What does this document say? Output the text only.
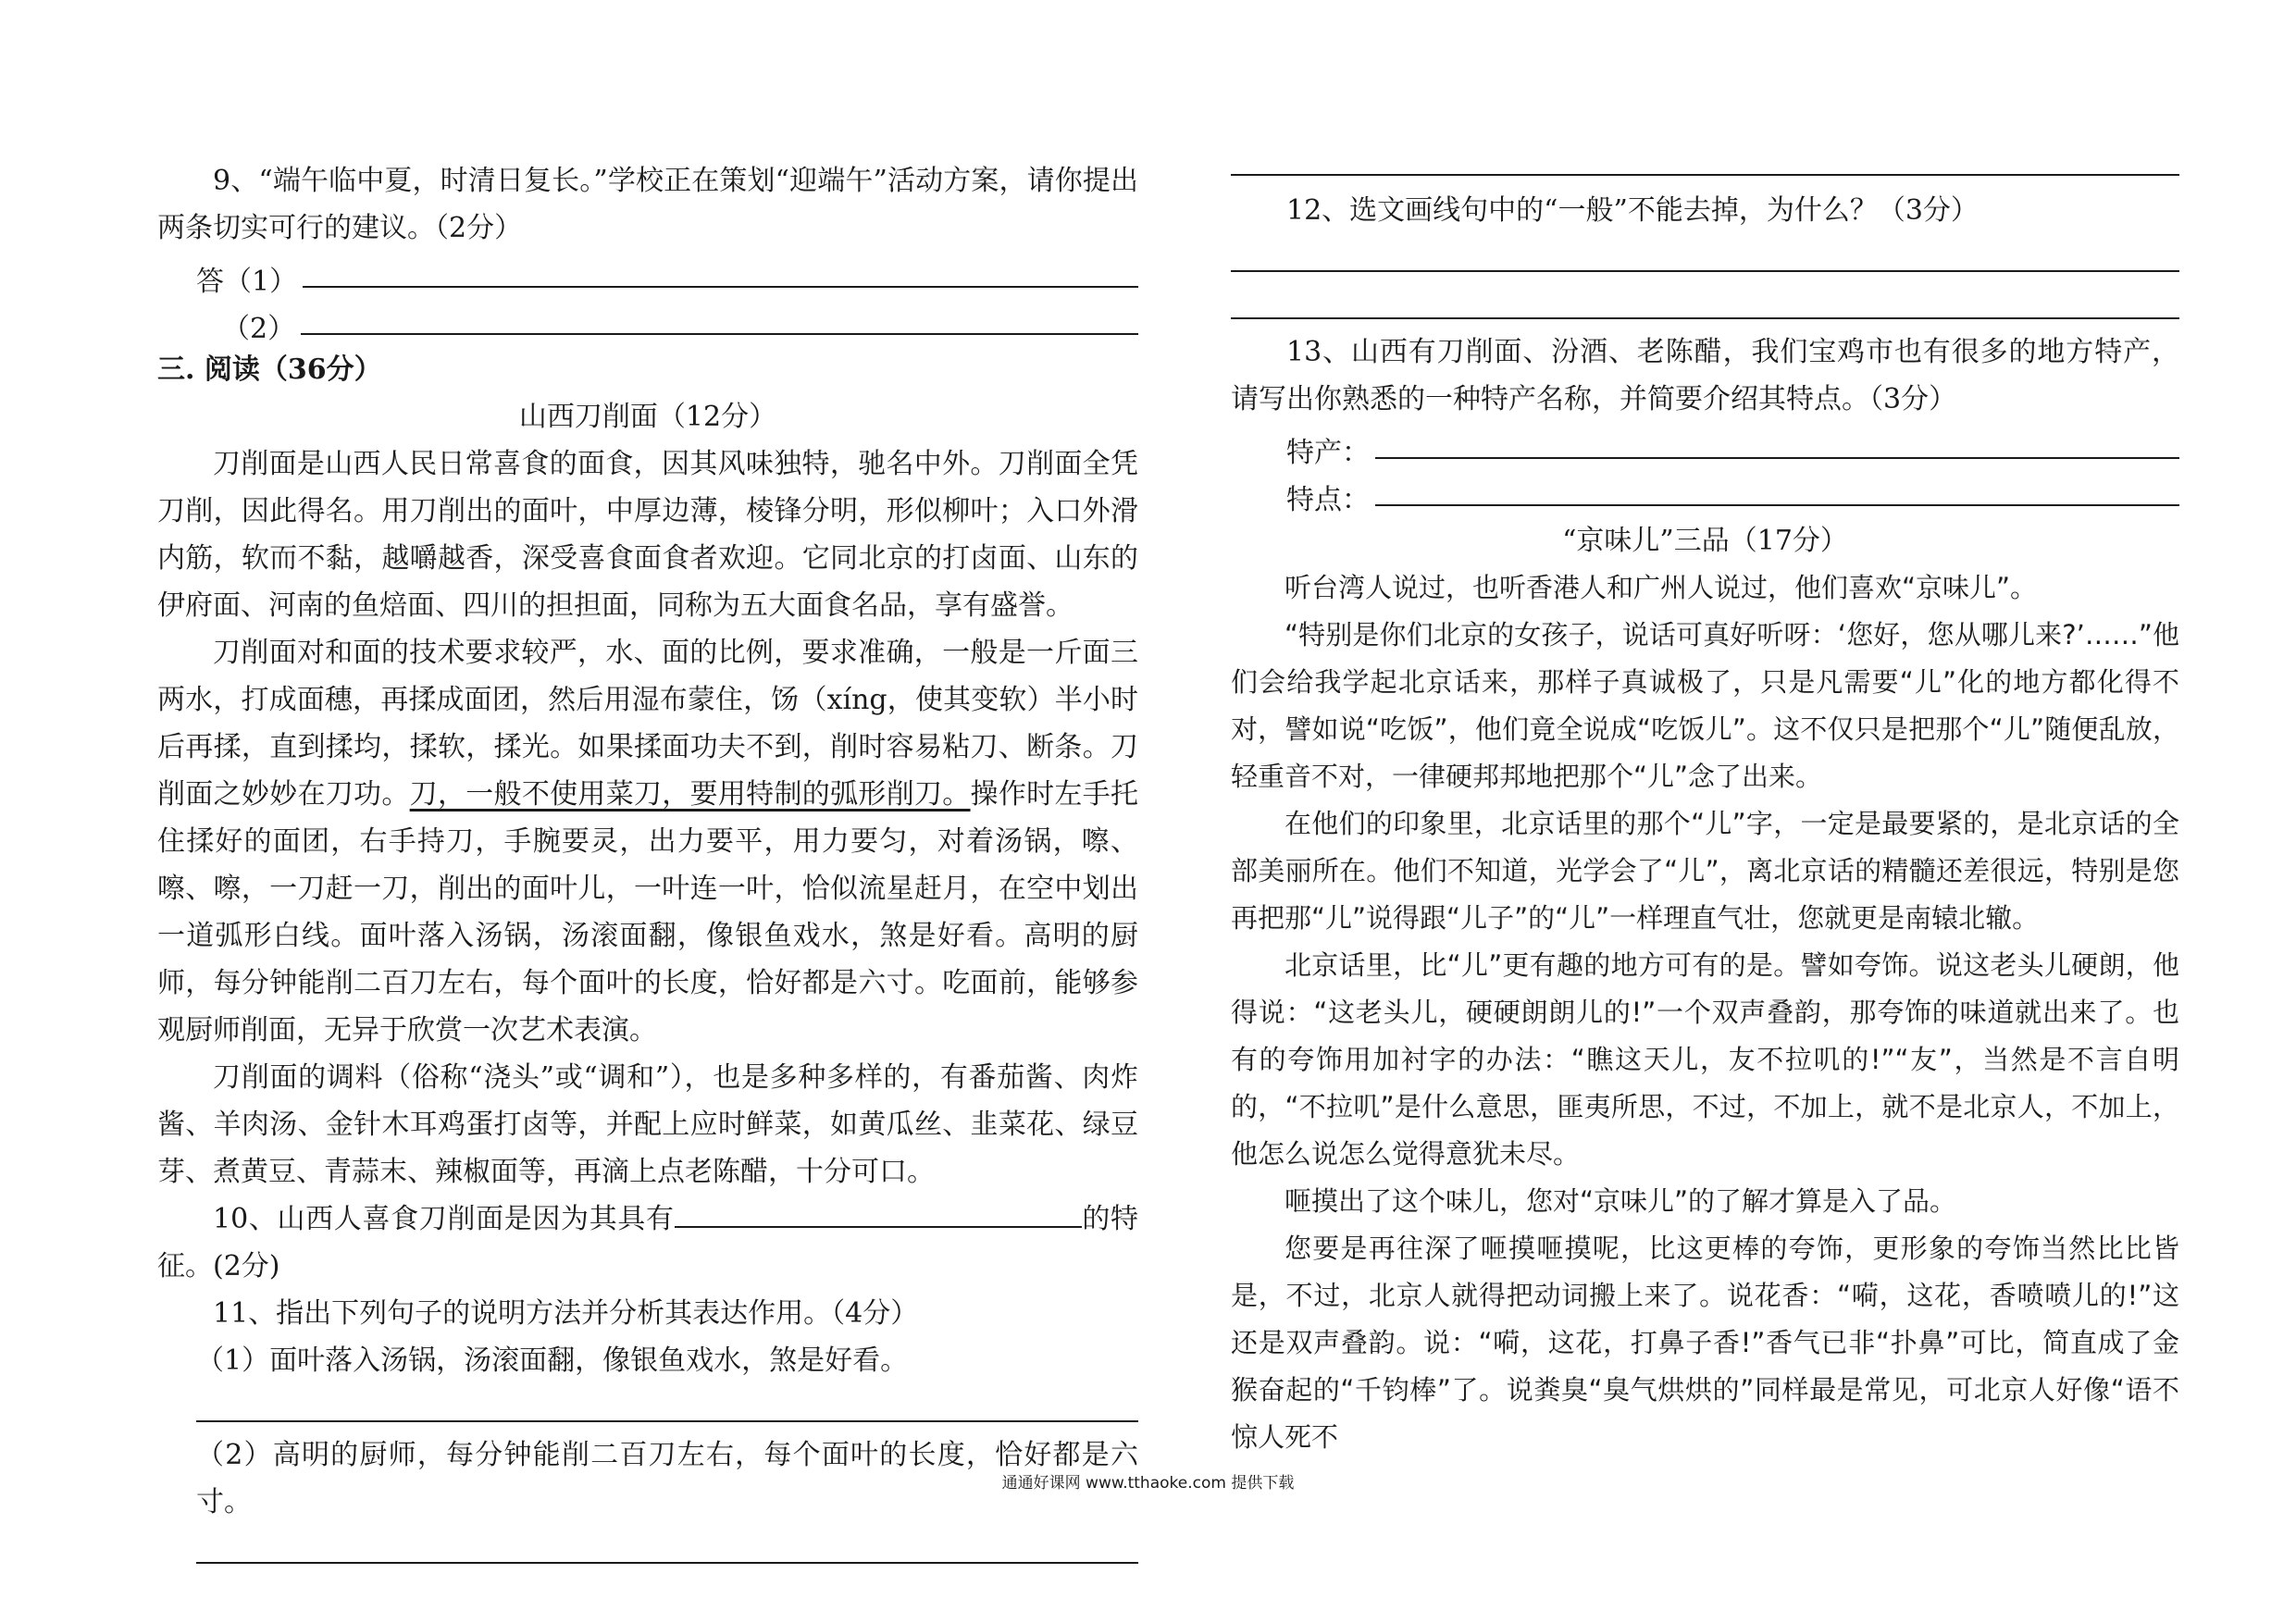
9、“端午临中夏，时清日复长。”学校正在策划“迎端午”活动方案，请你提出两条切实可行的建议。（2分）

答（1）
（2）

三. 阅读（36分）

山西刀削面（12分）

刀削面是山西人民日常喜食的面食，因其风味独特，驰名中外。刀削面全凭刀削，因此得名。用刀削出的面叶，中厚边薄，棱锋分明，形似柳叶；入口外滑内筋，软而不黏，越嚼越香，深受喜食面食者欢迎。它同北京的打卤面、山东的伊府面、河南的鱼焙面、四川的担担面，同称为五大面食名品，享有盛誉。

刀削面对和面的技术要求较严，水、面的比例，要求准确，一般是一斤面三两水，打成面穗，再揉成面团，然后用湿布蒙住，饧（xíng，使其变软）半小时后再揉，直到揉均，揉软，揉光。如果揉面功夫不到，削时容易粘刀、断条。刀削面之妙妙在刀功。刀，一般不使用菜刀，要用特制的弧形削刀。操作时左手托住揉好的面团，右手持刀，手腕要灵，出力要平，用力要匀，对着汤锅，嚓、嚓、嚓，一刀赶一刀，削出的面叶儿，一叶连一叶，恰似流星赶月，在空中划出一道弧形白线。面叶落入汤锅，汤滚面翻，像银鱼戏水，煞是好看。高明的厨师，每分钟能削二百刀左右，每个面叶的长度，恰好都是六寸。吃面前，能够参观厨师削面，无异于欣赏一次艺术表演。

刀削面的调料（俗称“浇头”或“调和”），也是多种多样的，有番茄酱、肉炸酱、羊肉汤、金针木耳鸡蛋打卤等，并配上应时鲜菜，如黄瓜丝、韭菜花、绿豆芽、煮黄豆、青蒜末、辣椒面等，再滴上点老陈醋，十分可口。

10、山西人喜食刀削面是因为其具有	的特征。(2分)

11、指出下列句子的说明方法并分析其表达作用。（4分）

（1）面叶落入汤锅，汤滚面翻，像银鱼戏水，煞是好看。

（2）高明的厨师，每分钟能削二百刀左右，每个面叶的长度，恰好都是六寸。

12、选文画线句中的“一般”不能去掉，为什么？（3分）

13、山西有刀削面、汾酒、老陈醋，我们宝鸡市也有很多的地方特产，请写出你熟悉的一种特产名称，并简要介绍其特点。（3分）

特产：
特点：

“京味儿”三品（17分）

听台湾人说过，也听香港人和广州人说过，他们喜欢“京味儿”。

“特别是你们北京的女孩子，说话可真好听呀：‘您好，您从哪儿来?’……”他们会给我学起北京话来，那样子真诚极了，只是凡需要“儿”化的地方都化得不对，譬如说“吃饭”，他们竟全说成“吃饭儿”。这不仅只是把那个“儿”随便乱放，轻重音不对，一律硬邦邦地把那个“儿”念了出来。

在他们的印象里，北京话里的那个“儿”字，一定是最要紧的，是北京话的全部美丽所在。他们不知道，光学会了“儿”，离北京话的精髓还差很远，特别是您再把那“儿”说得跟“儿子”的“儿”一样理直气壮，您就更是南辕北辙。

北京话里，比“儿”更有趣的地方可有的是。譬如夸饰。说这老头儿硬朗，他得说：“这老头儿，硬硬朗朗儿的!”一个双声叠韵，那夸饰的味道就出来了。也有的夸饰用加衬字的办法：“瞧这天儿，友不拉叽的!”“友”，当然是不言自明的，“不拉叽”是什么意思，匪夷所思，不过，不加上，就不是北京人，不加上，他怎么说怎么觉得意犹未尽。

咂摸出了这个味儿，您对“京味儿”的了解才算是入了品。

您要是再往深了咂摸咂摸呢，比这更棒的夸饰，更形象的夸饰当然比比皆是，不过，北京人就得把动词搬上来了。说花香：“嗬，这花，香喷喷儿的!”这还是双声叠韵。说：“嗬，这花，打鼻子香!”香气已非“扑鼻”可比，简直成了金猴奋起的“千钧棒”了。说粪臭“臭气烘烘的”同样最是常见，可北京人好像“语不惊人死不

通通好课网 www.tthaoke.com 提供下载
